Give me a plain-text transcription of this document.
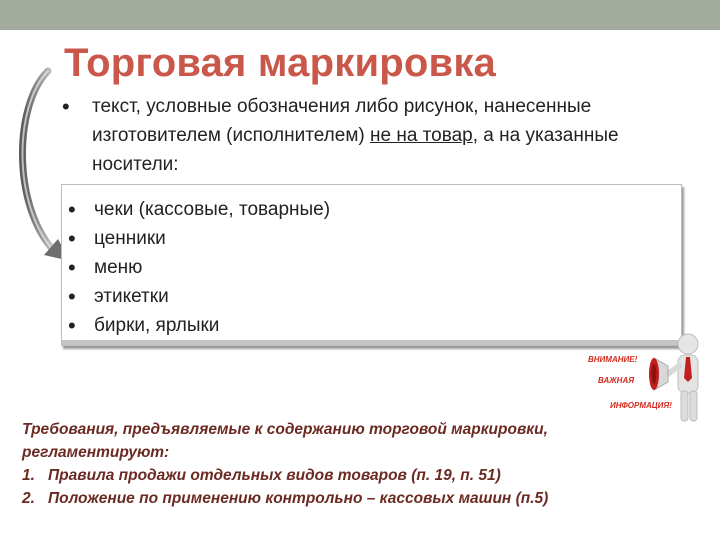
Торговая маркировка
•	текст, условные обозначения либо рисунок, нанесенные изготовителем (исполнителем) не на товар, а на указанные носители:
• чеки (кассовые, товарные)
• ценники
• меню
• этикетки
• бирки, ярлыки
ВНИМАНИЕ!
ВАЖНАЯ
ИНФОРМАЦИЯ!
Требования, предъявляемые к содержанию торговой маркировки, регламентируют:
1. Правила продажи отдельных видов товаров (п. 19, п. 51)
2. Положение по применению контрольно – кассовых машин (п.5)
